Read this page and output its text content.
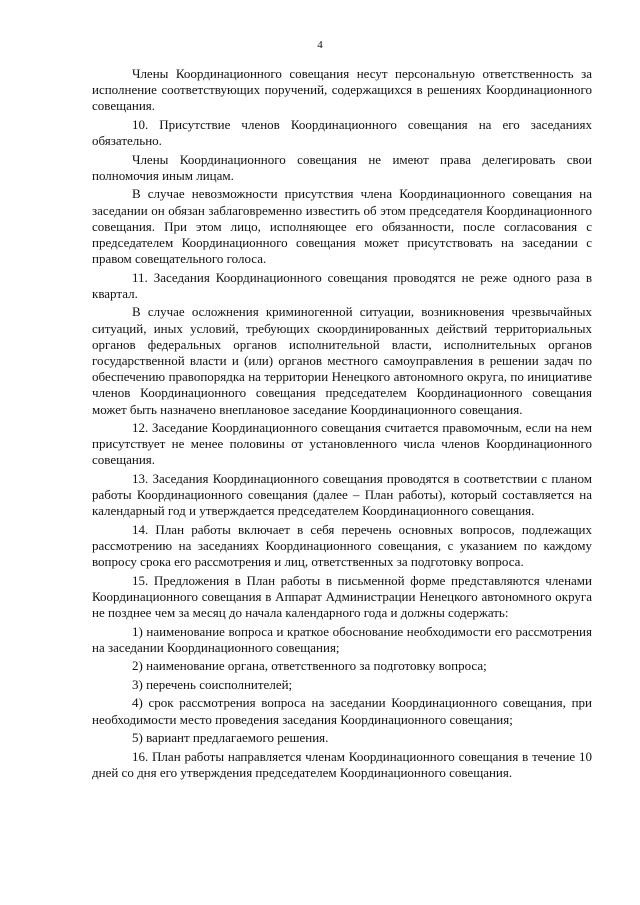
4

Члены Координационного совещания несут персональную ответственность за исполнение соответствующих поручений, содержащихся в решениях Координационного совещания.

10. Присутствие членов Координационного совещания на его заседаниях обязательно.

Члены Координационного совещания не имеют права делегировать свои полномочия иным лицам.

В случае невозможности присутствия члена Координационного совещания на заседании он обязан заблаговременно известить об этом председателя Координационного совещания. При этом лицо, исполняющее его обязанности, после согласования с председателем Координационного совещания может присутствовать на заседании с правом совещательного голоса.

11. Заседания Координационного совещания проводятся не реже одного раза в квартал.

В случае осложнения криминогенной ситуации, возникновения чрезвычайных ситуаций, иных условий, требующих скоординированных действий территориальных органов федеральных органов исполнительной власти, исполнительных органов государственной власти и (или) органов местного самоуправления в решении задач по обеспечению правопорядка на территории Ненецкого автономного округа, по инициативе членов Координационного совещания председателем Координационного совещания может быть назначено внеплановое заседание Координационного совещания.

12. Заседание Координационного совещания считается правомочным, если на нем присутствует не менее половины от установленного числа членов Координационного совещания.

13. Заседания Координационного совещания проводятся в соответствии с планом работы Координационного совещания (далее – План работы), который составляется на календарный год и утверждается председателем Координационного совещания.

14. План работы включает в себя перечень основных вопросов, подлежащих рассмотрению на заседаниях Координационного совещания, с указанием по каждому вопросу срока его рассмотрения и лиц, ответственных за подготовку вопроса.

15. Предложения в План работы в письменной форме представляются членами Координационного совещания в Аппарат Администрации Ненецкого автономного округа не позднее чем за месяц до начала календарного года и должны содержать:

1) наименование вопроса и краткое обоснование необходимости его рассмотрения на заседании Координационного совещания;

2) наименование органа, ответственного за подготовку вопроса;

3) перечень соисполнителей;

4) срок рассмотрения вопроса на заседании Координационного совещания, при необходимости место проведения заседания Координационного совещания;

5) вариант предлагаемого решения.

16. План работы направляется членам Координационного совещания в течение 10 дней со дня его утверждения председателем Координационного совещания.
